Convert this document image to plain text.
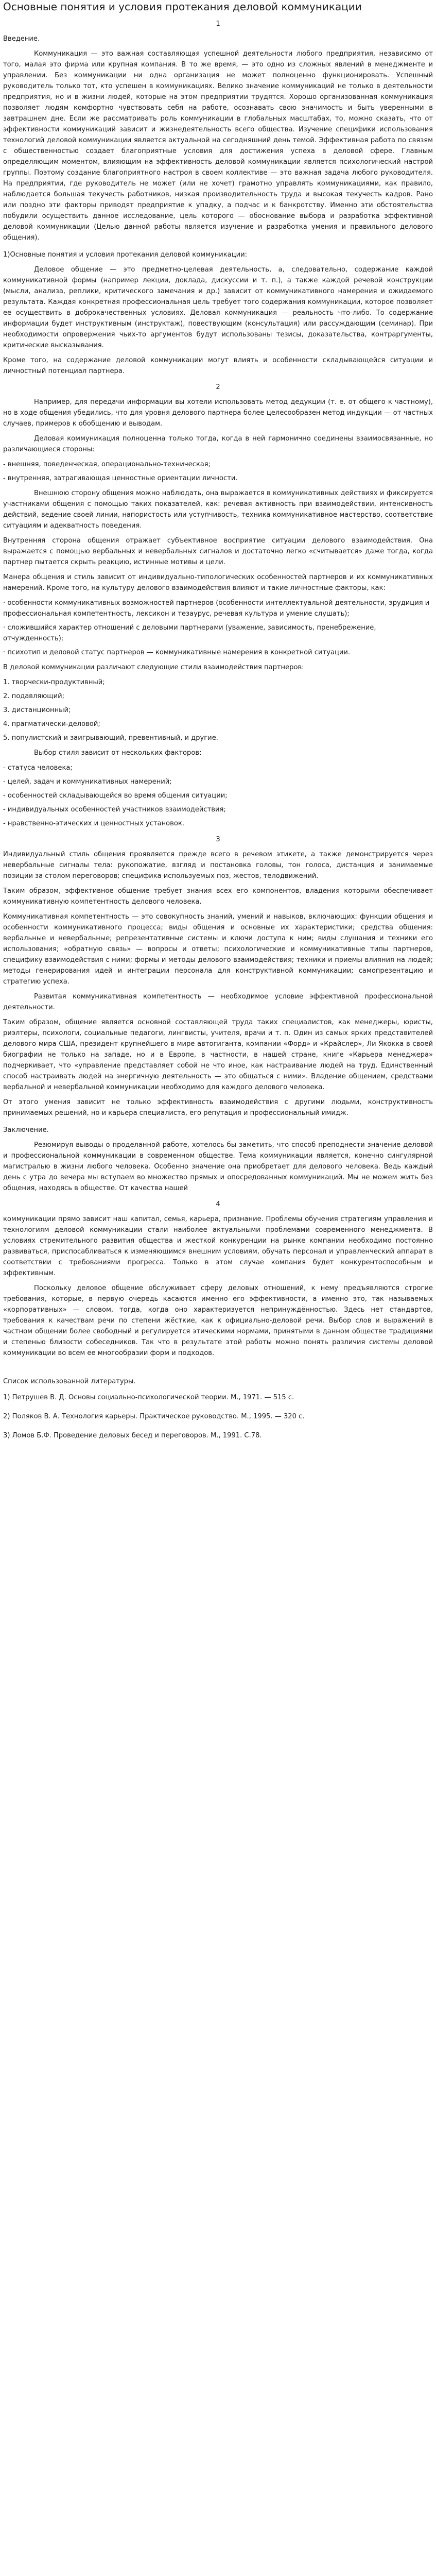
Основные понятия и условия протекания деловой коммуникации
1
Введение.

Коммуникация — это важная составляющая успешной деятельности любого предприятия, независимо от того, малая это фирма или крупная компания. В то же время, — это одно из сложных явлений в менеджменте и управлении. Без коммуникации ни одна организация не может полноценно функционировать. Успешный руководитель только тот, кто успешен в коммуникациях. Велико значение коммуникаций не только в деятельности предприятия, но и в жизни людей, которые на этом предприятии трудятся. Хорошо организованная коммуникация позволяет людям комфортно чувствовать себя на работе, осознавать свою значимость и быть уверенными в завтрашнем дне. Если же рассматривать роль коммуникации в глобальных масштабах, то, можно сказать, что от эффективности коммуникаций зависит и жизнедеятельность всего общества. Изучение специфики использования технологий деловой коммуникации является актуальной на сегодняшний день темой. Эффективная работа по связям с общественностью создает благоприятные условия для достижения успеха в деловой сфере. Главным определяющим моментом, влияющим на эффективность деловой коммуникации является психологический настрой группы. Поэтому создание благоприятного настроя в своем коллективе — это важная задача любого руководителя. На предприятии, где руководитель не может (или не хочет) грамотно управлять коммуникациями, как правило, наблюдается большая текучесть работников, низкая производительность труда и высокая текучесть кадров. Рано или поздно эти факторы приводят предприятие к упадку, а подчас и к банкротству. Именно эти обстоятельства побудили осуществить данное исследование, цель которого — обоснование выбора и разработка эффективной деловой коммуникации (Целью данной работы является изучение и разработка умения и правильного делового общения).

1)Основные понятия и условия протекания деловой коммуникации:

Деловое общение — это предметно-целевая деятельность, а, следовательно, содержание каждой коммуникативной формы (например лекции, доклада, дискуссии и т. п.), а также каждой речевой конструкции (мысли, анализа, реплики, критического замечания и др.) зависит от коммуникативного намерения и ожидаемого результата. Каждая конкретная профессиональная цель требует того содержания коммуникации, которое позволяет ее осуществить в доброкачественных условиях. Деловая коммуникация — реальность что-либо. То содержание информации будет инструктивным (инструктаж), повествующим (консультация) или рассуждающим (семинар). При необходимости опровержения чьих-то аргументов будут использованы тезисы, доказательства, контраргументы, критические высказывания.

Кроме того, на содержание деловой коммуникации могут влиять и особенности складывающейся ситуации и личностный потенциал партнера.

2

Например, для передачи информации вы хотели использовать метод дедукции (т. е. от общего к частному), но в ходе общения убедились, что для уровня делового партнера более целесообразен метод индукции — от частных случаев, примеров к обобщению и выводам.

Деловая коммуникация полноценна только тогда, когда в ней гармонично соединены взаимосвязанные, но различающиеся стороны:

- внешняя, поведенческая, операционально-техническая;
- внутренняя, затрагивающая ценностные ориентации личности.

Внешнюю сторону общения можно наблюдать, она выражается в коммуникативных действиях и фиксируется участниками общения с помощью таких показателей, как: речевая активность при взаимодействии, интенсивность действий, ведение своей линии, напористость или уступчивость, техника коммуникативное мастерство, соответствие ситуациям и адекватность поведения.

Внутренняя сторона общения отражает субъективное восприятие ситуации делового взаимодействия. Она выражается с помощью вербальных и невербальных сигналов и достаточно легко «считывается» даже тогда, когда партнер пытается скрыть реакцию, истинные мотивы и цели.

Манера общения и стиль зависит от индивидуально-типологических особенностей партнеров и их коммуникативных намерений. Кроме того, на культуру делового взаимодействия влияют и такие личностные факторы, как:

· особенности коммуникативных возможностей партнеров (особенности интеллектуальной деятельности, эрудиция и профессиональная компетентность, лексикон и тезаурус, речевая культура и умение слушать);
· сложившийся характер отношений с деловыми партнерами (уважение, зависимость, пренебрежение, отчужденность);
· психотип и деловой статус партнеров — коммуникативные намерения в конкретной ситуации.

В деловой коммуникации различают следующие стили взаимодействия партнеров:

1. творчески-продуктивный;
2. подавляющий;
3. дистанционный;
4. прагматически-деловой;
5. популистский и заигрывающий, превентивный, и другие.

Выбор стиля зависит от нескольких факторов:

- статуса человека;
- целей, задач и коммуникативных намерений;
- особенностей складывающейся во время общения ситуации;
- индивидуальных особенностей участников взаимодействия;
- нравственно-этических и ценностных установок.
3

Индивидуальный стиль общения проявляется прежде всего в речевом этикете, а также демонстрируется через невербальные сигналы тела: рукопожатие, взгляд и постановка головы, тон голоса, дистанция и занимаемые позиции за столом переговоров; специфика используемых поз, жестов, телодвижений.

Таким образом, эффективное общение требует знания всех его компонентов, владения которыми обеспечивает коммуникативную компетентность делового человека.

Коммуникативная компетентность — это совокупность знаний, умений и навыков, включающих: функции общения и особенности коммуникативного процесса; виды общения и основные их характеристики; средства общения: вербальные и невербальные; репрезентативные системы и ключи доступа к ним; виды слушания и техники его использования; «обратную связь» — вопросы и ответы; психологические и коммуникативные типы партнеров, специфику взаимодействия с ними; формы и методы делового взаимодействия; техники и приемы влияния на людей; методы генерирования идей и интеграции персонала для конструктивной коммуникации; самопрезентацию и стратегию успеха.

Развитая коммуникативная компетентность — необходимое условие эффективной профессиональной деятельности.

Таким образом, общение является основной составляющей труда таких специалистов, как менеджеры, юристы, риэлтеры, психологи, социальные педагоги, лингвисты, учителя, врачи и т. п. Один из самых ярких представителей делового мира США, президент крупнейшего в мире автогиганта, компании «Форд» и «Крайслер», Ли Якокка в своей биографии не только на западе, но и в Европе, в частности, в нашей стране, книге «Карьера менеджера» подчеркивает, что «управление представляет собой не что иное, как настраивание людей на труд. Единственный способ настраивать людей на энергичную деятельность — это общаться с ними». Владение общением, средствами вербальной и невербальной коммуникации необходимо для каждого делового человека.

От этого умения зависит не только эффективность взаимодействия с другими людьми, конструктивность принимаемых решений, но и карьера специалиста, его репутация и профессиональный имидж.

Заключение.

Резюмируя выводы о проделанной работе, хотелось бы заметить, что способ преподнести значение деловой и профессиональной коммуникации в современном обществе. Тема коммуникации является, конечно сингулярной магистралью в жизни любого человека. Особенно значение она приобретает для делового человека. Ведь каждый день с утра до вечера мы вступаем во множество прямых и опосредованных коммуникаций. Мы не можем жить без общения, находясь в обществе. От качества нашей

4

коммуникации прямо зависит наш капитал, семья, карьера, признание. Проблемы обучения стратегиям управления и технологиям деловой коммуникации стали наиболее актуальными проблемами современного менеджмента. В условиях стремительного развития общества и жесткой конкуренции на рынке компании необходимо постоянно развиваться, приспосабливаться к изменяющимся внешним условиям, обучать персонал и управленческий аппарат в соответствии с требованиями прогресса. Только в этом случае компания будет конкурентоспособным и эффективным.

Поскольку деловое общение обслуживает сферу деловых отношений, к нему предъявляются строгие требования, которые, в первую очередь касаются именно его эффективности, а именно это, так называемых «корпоративных» — словом, тогда, когда оно характеризуется непринуждённостью. Здесь нет стандартов, требования к качествам речи по степени жёсткие, как к официально-деловой речи. Выбор слов и выражений в частном общении более свободный и регулируется этическими нормами, принятыми в данном обществе традициями и степенью близости собеседников. Так что в результате этой работы можно понять различия системы деловой коммуникации во всем ее многообразии форм и подходов.

Список использованной литературы.
1) Петрушев В. Д. Основы социально-психологической теории. М., 1971. — 515 с.
2) Поляков В. А. Технология карьеры. Практическое руководство. М., 1995. — 320 с.
3) Ломов Б.Ф. Проведение деловых бесед и переговоров. М., 1991. С.78.
